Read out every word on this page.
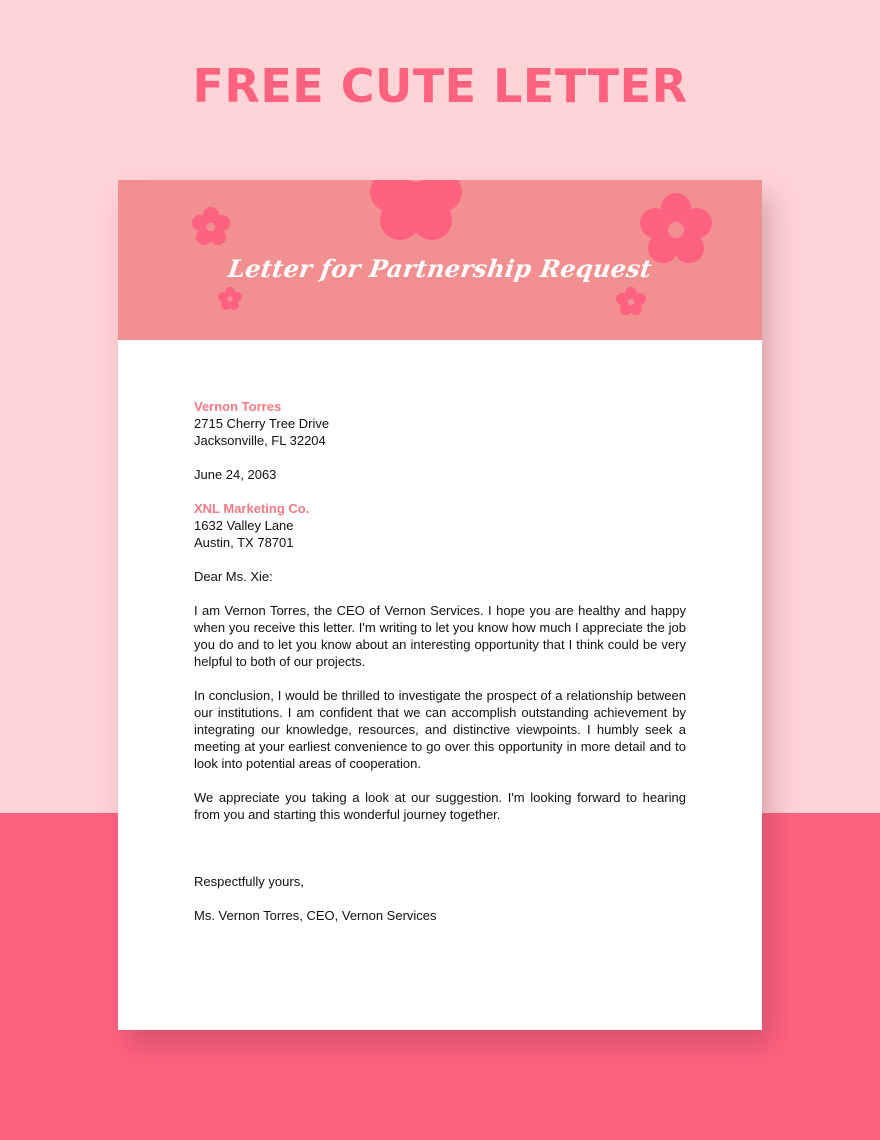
FREE CUTE LETTER
Letter for Partnership Request
Vernon Torres
2715 Cherry Tree Drive
Jacksonville, FL 32204
June 24, 2063
XNL Marketing Co.
1632 Valley Lane
Austin, TX 78701
Dear Ms. Xie:

I am Vernon Torres, the CEO of Vernon Services. I hope you are healthy and happy when you receive this letter. I'm writing to let you know how much I appreciate the job you do and to let you know about an interesting opportunity that I think could be very helpful to both of our projects.

In conclusion, I would be thrilled to investigate the prospect of a relationship between our institutions. I am confident that we can accomplish outstanding achievement by integrating our knowledge, resources, and distinctive viewpoints. I humbly seek a meeting at your earliest convenience to go over this opportunity in more detail and to look into potential areas of cooperation.

We appreciate you taking a look at our suggestion. I'm looking forward to hearing from you and starting this wonderful journey together.

Respectfully yours,
Ms. Vernon Torres, CEO, Vernon Services
